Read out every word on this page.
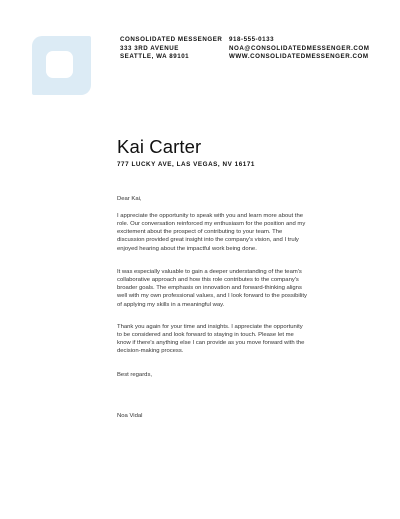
CONSOLIDATED MESSENGER
333 3RD AVENUE
SEATTLE, WA 89101
918-555-0133
NOA@CONSOLIDATEDMESSENGER.COM
WWW.CONSOLIDATEDMESSENGER.COM
Kai Carter
777 LUCKY AVE, LAS VEGAS, NV 16171
Dear Kai,
I appreciate the opportunity to speak with you and learn more about the
role. Our conversation reinforced my enthusiasm for the position and my
excitement about the prospect of contributing to your team. The
discussion provided great insight into the company's vision, and I truly
enjoyed hearing about the impactful work being done.
It was especially valuable to gain a deeper understanding of the team's
collaborative approach and how this role contributes to the company's
broader goals. The emphasis on innovation and forward-thinking aligns
well with my own professional values, and I look forward to the possibility
of applying my skills in a meaningful way.
Thank you again for your time and insights. I appreciate the opportunity
to be considered and look forward to staying in touch. Please let me
know if there's anything else I can provide as you move forward with the
decision-making process.
Best regards,
Noa Vidal
